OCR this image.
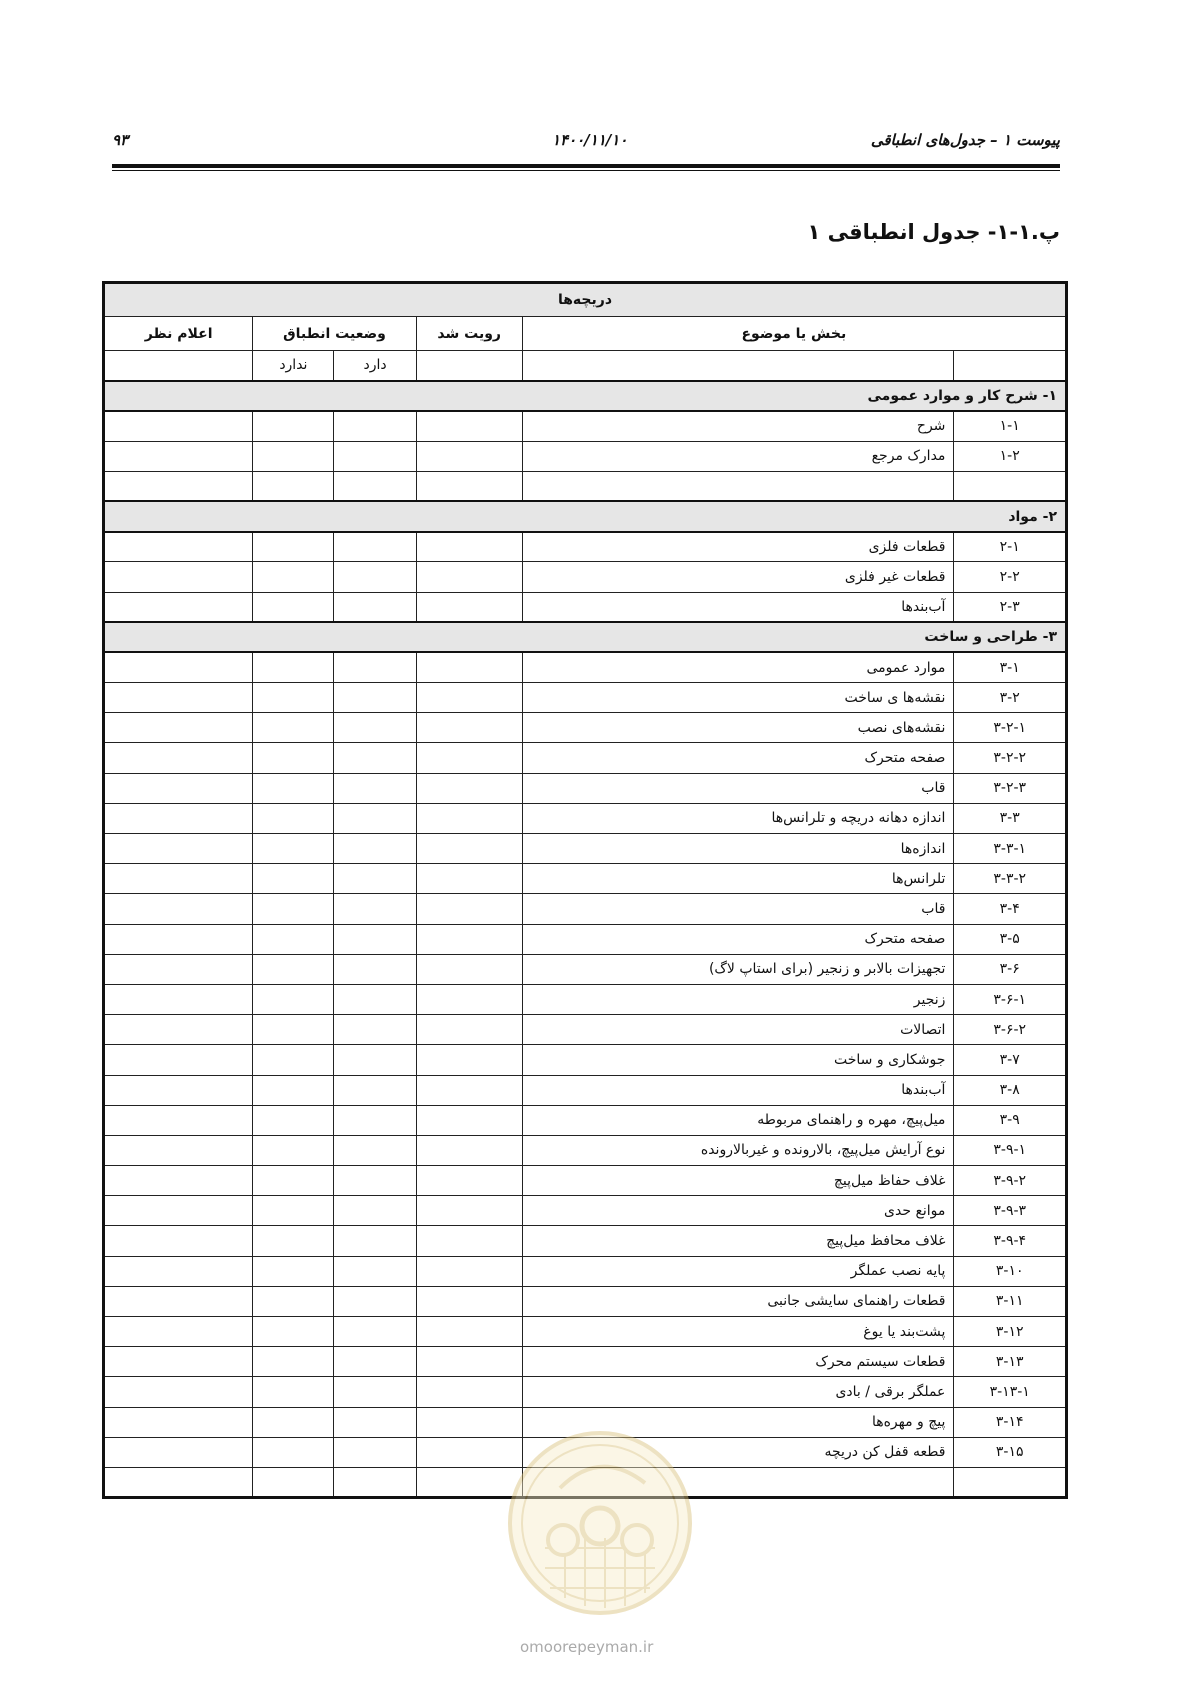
پیوست ۱ – جدول‌های انطباقی
۱۴۰۰/۱۱/۱۰
۹۳
پ.۱-۱- جدول انطباقی ۱
دریچه‌ها					
اعلام نظر	وضعیت انطباق		رویت شد	بخش یا موضوع	
	ندارد	دارد			
۱- شرح کار و موارد عمومی					
				شرح	۱-۱
				مدارک مرجع	۱-۲

۲- مواد					
				قطعات فلزی	۲-۱
				قطعات غیر فلزی	۲-۲
				آب‌بندها	۲-۳
۳- طراحی و ساخت					
				موارد عمومی	۳-۱
				نقشه‌ها ی ساخت	۳-۲
				نقشه‌های نصب	۳-۲-۱
				صفحه متحرک	۳-۲-۲
				قاب	۳-۲-۳
				اندازه دهانه دریچه و تلرانس‌ها	۳-۳
				اندازه‌ها	۳-۳-۱
				تلرانس‌ها	۳-۳-۲
				قاب	۳-۴
				صفحه متحرک	۳-۵
				تجهیزات بالابر و زنجیر (برای استاپ لاگ)	۳-۶
				زنجیر	۳-۶-۱
				اتصالات	۳-۶-۲
				جوشکاری و ساخت	۳-۷
				آب‌بندها	۳-۸
				میل‌پیچ، مهره و راهنمای مربوطه	۳-۹
				نوع آرایش میل‌پیچ، بالارونده و غیربالارونده	۳-۹-۱
				غلاف حفاظ میل‌پیچ	۳-۹-۲
				موانع حدی	۳-۹-۳
				غلاف محافظ میل‌پیچ	۳-۹-۴
				پایه نصب عملگر	۳-۱۰
				قطعات راهنمای سایشی جانبی	۳-۱۱
				پشت‌بند یا یوغ	۳-۱۲
				قطعات سیستم محرک	۳-۱۳
				عملگر برقی / بادی	۳-۱۳-۱
				پیچ و مهره‌ها	۳-۱۴
				قطعه قفل کن دریچه	۳-۱۵

omoorepeyman.ir
